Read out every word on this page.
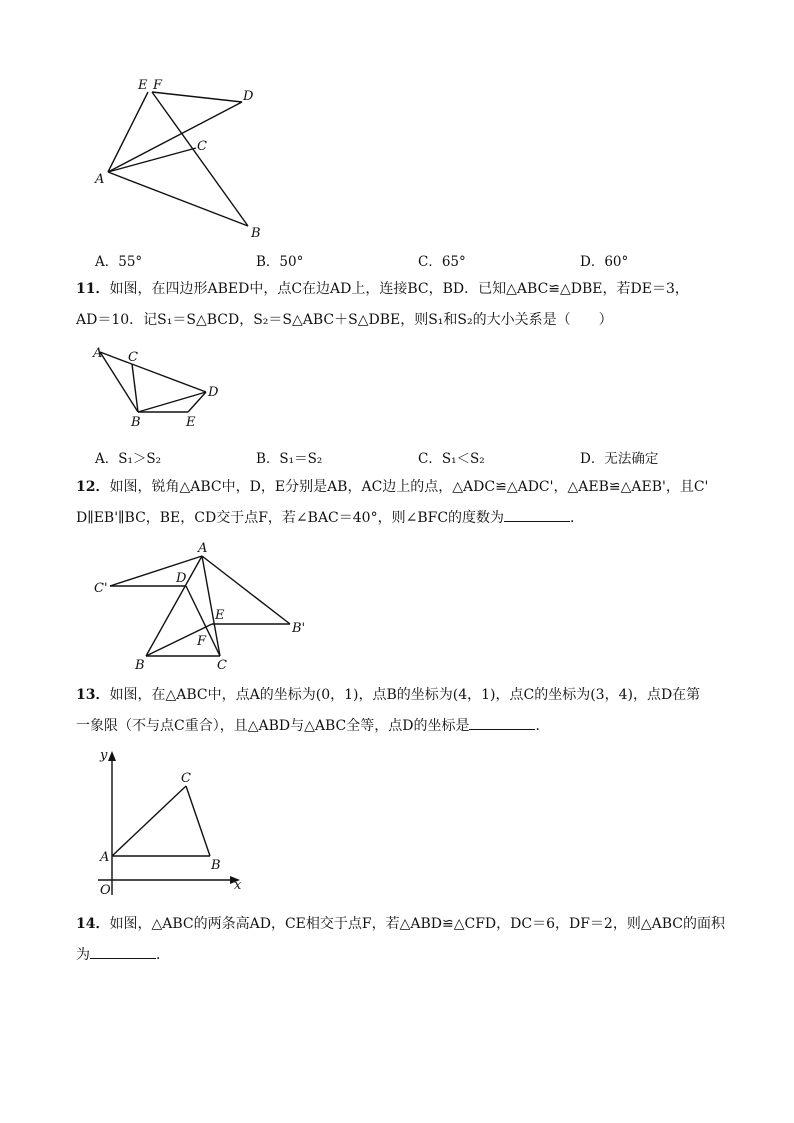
E F
D
C
A
B
A．55°	B．50°	C．65°	D．60°
11．如图，在四边形ABED中，点C在边AD上，连接BC，BD．已知△ABC≌△DBE，若DE＝3，
AD＝10．记S₁＝S△BCD，S₂＝S△ABC＋S△DBE，则S₁和S₂的大小关系是（　　）
A C
D
B	E
A．S₁＞S₂	B．S₁＝S₂	C．S₁＜S₂	D．无法确定
12．如图，锐角△ABC中，D，E分别是AB，AC边上的点，△ADC≌△ADC'，△AEB≌△AEB'，且C'
D∥EB'∥BC，BE，CD交于点F，若∠BAC＝40°，则∠BFC的度数为	．
A
C'
D
E
B'
F
B	C
13．如图，在△ABC中，点A的坐标为(0，1)，点B的坐标为(4，1)，点C的坐标为(3，4)，点D在第
一象限（不与点C重合），且△ABD与△ABC全等，点D的坐标是	．
y
x
O
A
B
C
14．如图，△ABC的两条高AD，CE相交于点F，若△ABD≌△CFD，DC＝6，DF＝2，则△ABC的面积
为	．
